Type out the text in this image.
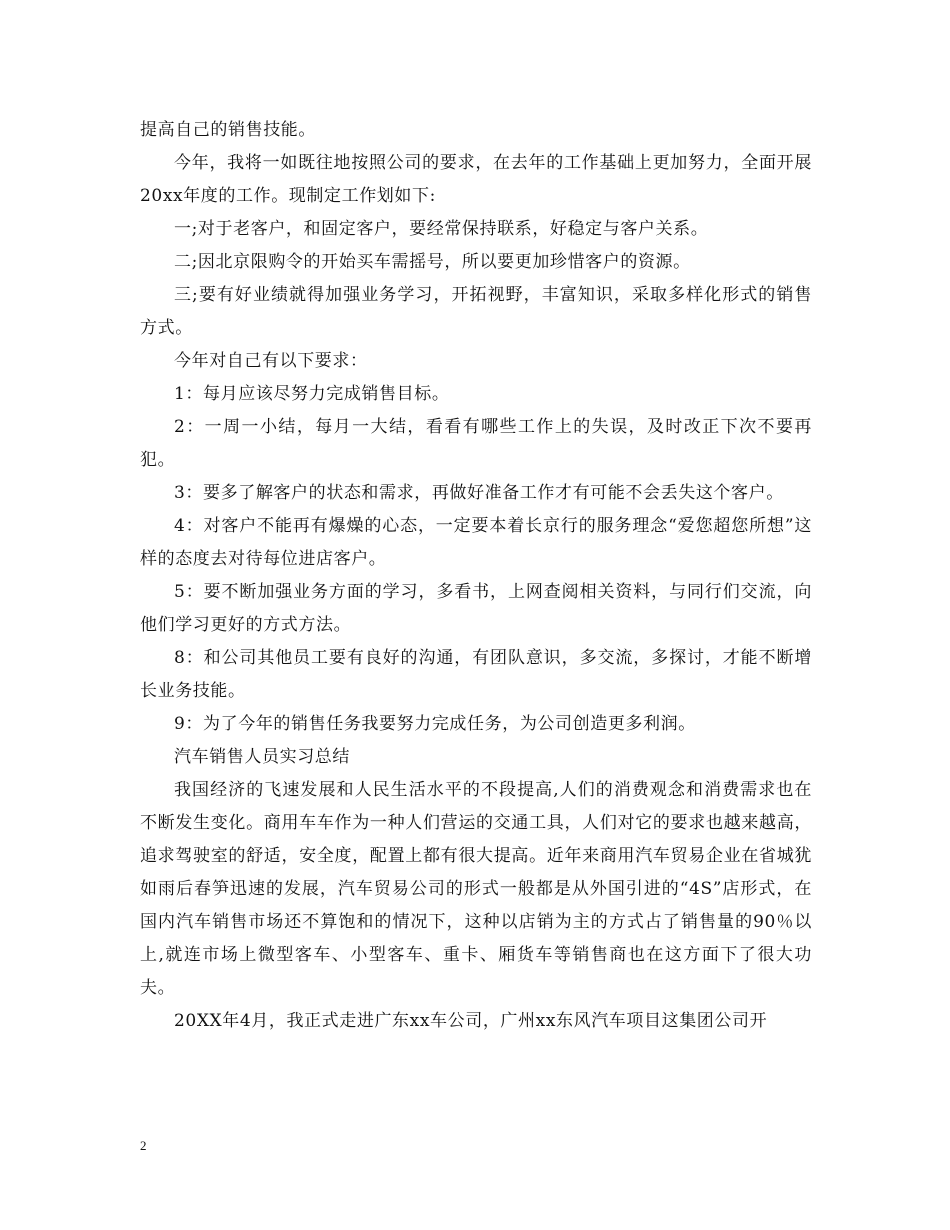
提高自己的销售技能。

今年，我将一如既往地按照公司的要求，在去年的工作基础上更加努力，全面开展20xx年度的工作。现制定工作划如下:

一;对于老客户，和固定客户，要经常保持联系，好稳定与客户关系。

二;因北京限购令的开始买车需摇号，所以要更加珍惜客户的资源。

三;要有好业绩就得加强业务学习，开拓视野，丰富知识，采取多样化形式的销售方式。

今年对自己有以下要求：

1：每月应该尽努力完成销售目标。

2：一周一小结，每月一大结，看看有哪些工作上的失误，及时改正下次不要再犯。

3：要多了解客户的状态和需求，再做好准备工作才有可能不会丢失这个客户。

4：对客户不能再有爆燥的心态，一定要本着长京行的服务理念“爱您超您所想”这样的态度去对待每位进店客户。

5：要不断加强业务方面的学习，多看书，上网查阅相关资料，与同行们交流，向他们学习更好的方式方法。

8：和公司其他员工要有良好的沟通，有团队意识，多交流，多探讨，才能不断增长业务技能。

9：为了今年的销售任务我要努力完成任务，为公司创造更多利润。

汽车销售人员实习总结

我国经济的飞速发展和人民生活水平的不段提高,人们的消费观念和消费需求也在不断发生变化。商用车车作为一种人们营运的交通工具，人们对它的要求也越来越高，追求驾驶室的舒适，安全度，配置上都有很大提高。近年来商用汽车贸易企业在省城犹如雨后春笋迅速的发展，汽车贸易公司的形式一般都是从外国引进的“4S”店形式，在国内汽车销售市场还不算饱和的情况下，这种以店销为主的方式占了销售量的90％以上,就连市场上微型客车、小型客车、重卡、厢货车等销售商也在这方面下了很大功夫。

20XX年4月，我正式走进广东xx车公司，广州xx东风汽车项目这集团公司开

2
